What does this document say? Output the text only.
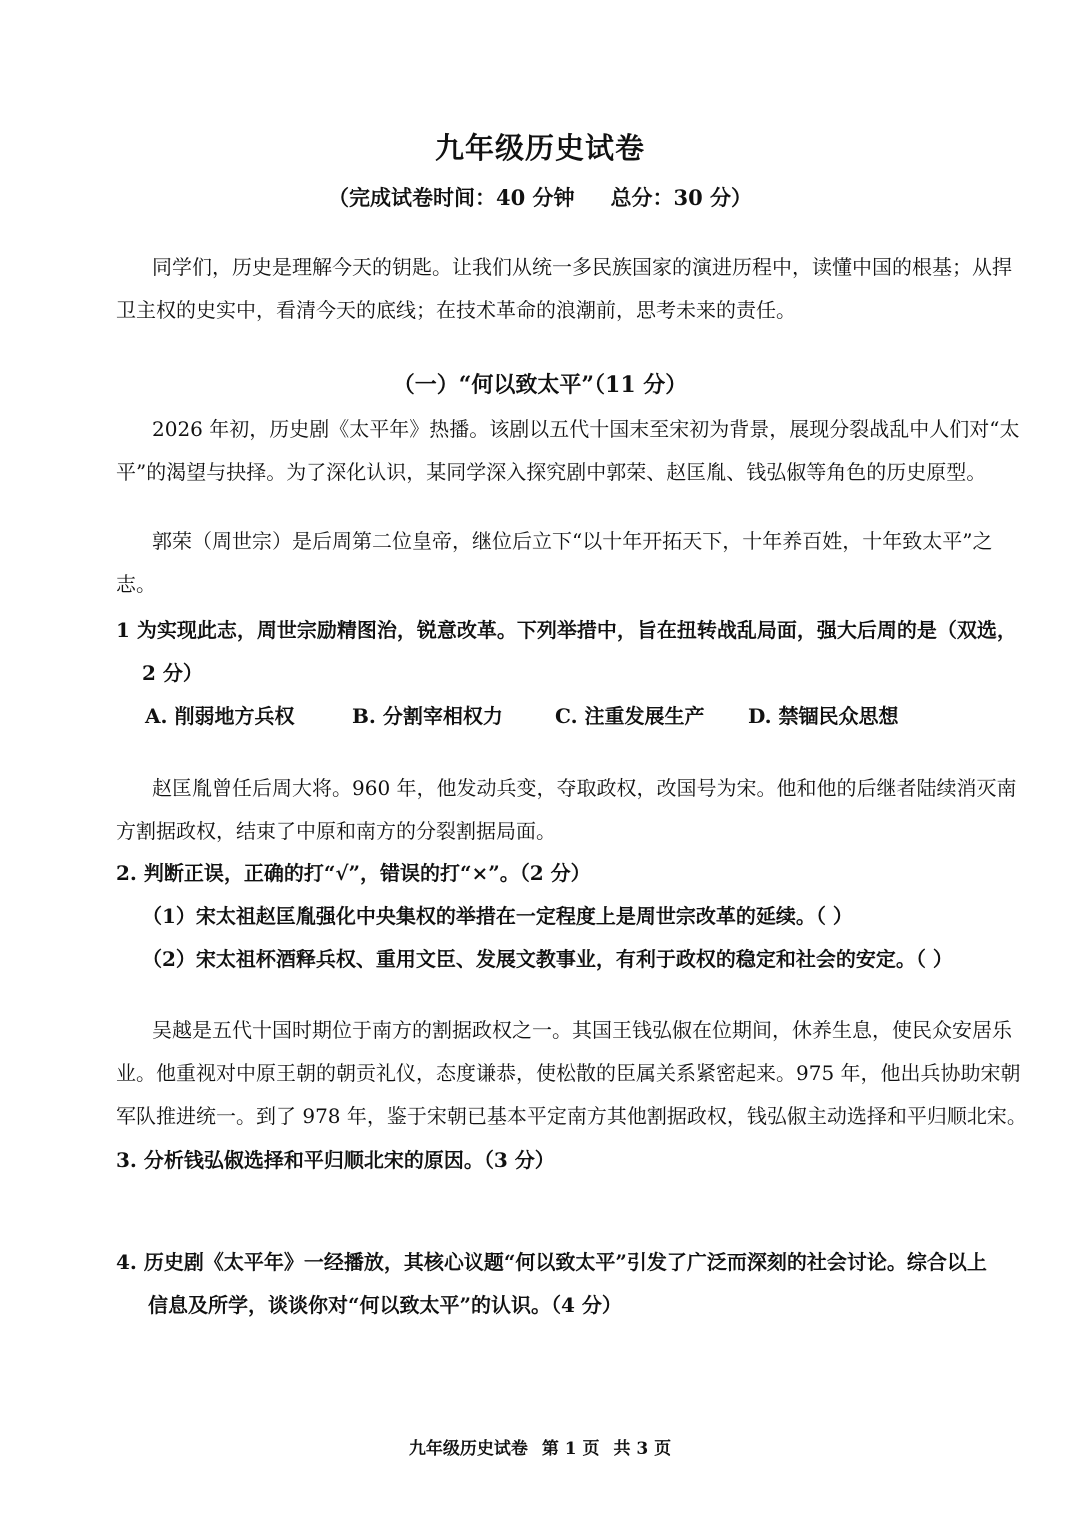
九年级历史试卷
（完成试卷时间：40 分钟 总分：30 分）
同学们，历史是理解今天的钥匙。让我们从统一多民族国家的演进历程中，读懂中国的根基；从捍
卫主权的史实中，看清今天的底线；在技术革命的浪潮前，思考未来的责任。
（一）“何以致太平”（11 分）
2026 年初，历史剧《太平年》热播。该剧以五代十国末至宋初为背景，展现分裂战乱中人们对“太
平”的渴望与抉择。为了深化认识，某同学深入探究剧中郭荣、赵匡胤、钱弘俶等角色的历史原型。
郭荣（周世宗）是后周第二位皇帝，继位后立下“以十年开拓天下，十年养百姓，十年致太平”之
志。
1 为实现此志，周世宗励精图治，锐意改革。下列举措中，旨在扭转战乱局面，强大后周的是（双选，
2 分）
A. 削弱地方兵权	B. 分割宰相权力	C. 注重发展生产 D. 禁锢民众思想
赵匡胤曾任后周大将。960 年，他发动兵变，夺取政权，改国号为宋。他和他的后继者陆续消灭南
方割据政权，结束了中原和南方的分裂割据局面。
2. 判断正误，正确的打“√”，错误的打“×”。（2 分）
（1）宋太祖赵匡胤强化中央集权的举措在一定程度上是周世宗改革的延续。（ ）
（2）宋太祖杯酒释兵权、重用文臣、发展文教事业，有利于政权的稳定和社会的安定。（ ）
吴越是五代十国时期位于南方的割据政权之一。其国王钱弘俶在位期间，休养生息，使民众安居乐
业。他重视对中原王朝的朝贡礼仪，态度谦恭，使松散的臣属关系紧密起来。975 年，他出兵协助宋朝
军队推进统一。到了 978 年，鉴于宋朝已基本平定南方其他割据政权，钱弘俶主动选择和平归顺北宋。
3. 分析钱弘俶选择和平归顺北宋的原因。（3 分）
4. 历史剧《太平年》一经播放，其核心议题“何以致太平”引发了广泛而深刻的社会讨论。综合以上
信息及所学，谈谈你对“何以致太平”的认识。（4 分）
九年级历史试卷 第 1 页 共 3 页
